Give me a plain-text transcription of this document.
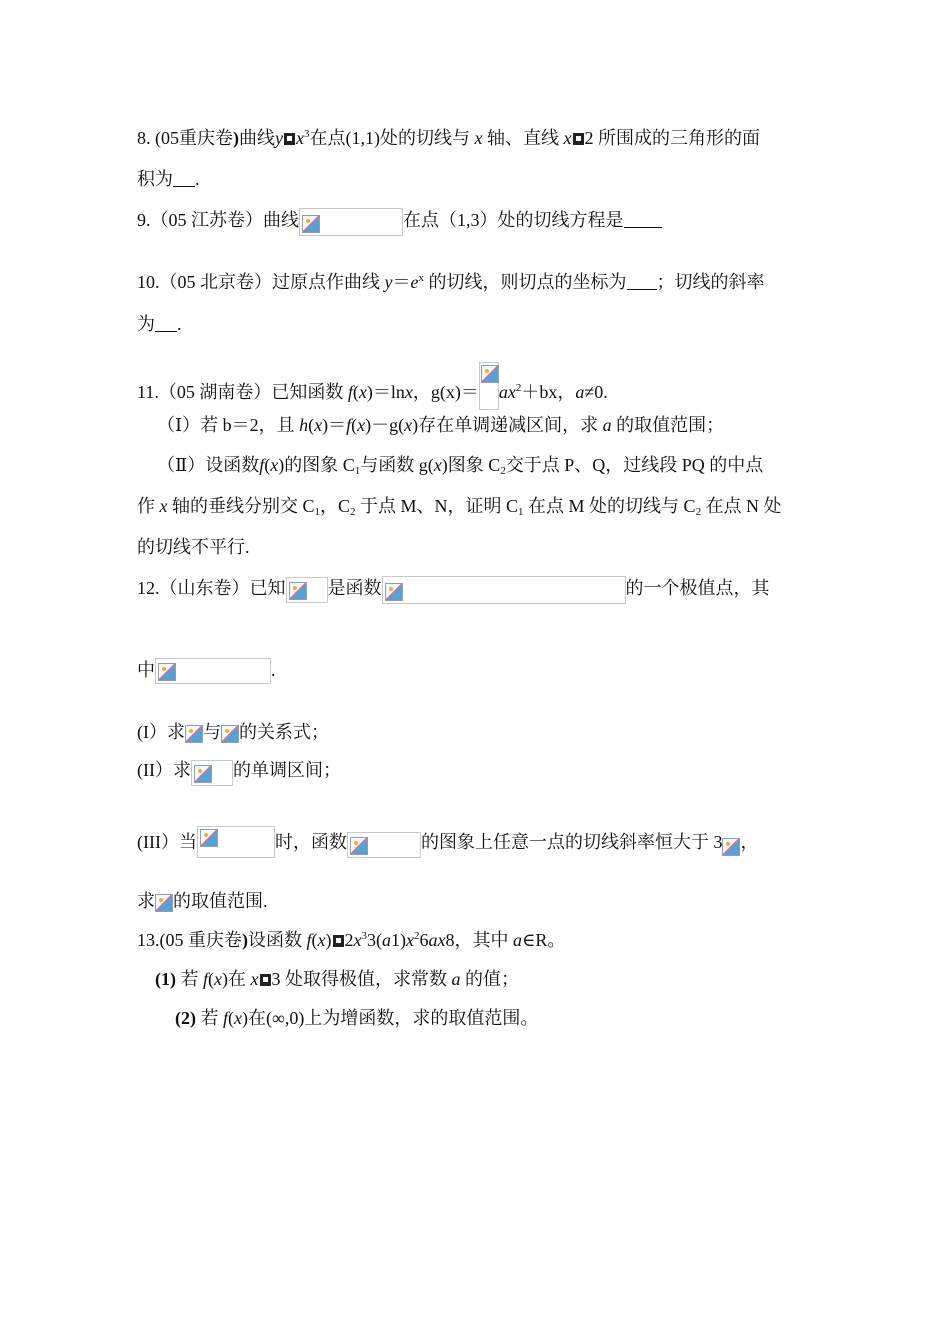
8. (05重庆卷)曲线y $x^3$在点(1,1)处的切线与 x 轴、直线 x 2 所围成的三角形的面
积为 .
9.（05 江苏卷）曲线	在点（1,3）处的切线方程是
10.（05 北京卷）过原点作曲线 $y=e^x$ 的切线，则切点的坐标为 ；切线的斜率
为 .
11.（05 湖南卷）已知函数 f(x)＝lnx，$g(x)= ax^2+bx$，a≠0.
（Ⅰ）若 b＝2，且 h(x)＝f(x)－g(x)存在单调递减区间，求 a 的取值范围；
（Ⅱ）设函数f(x)的图象 $C_1$与函数 g(x)图象 $C_2$交于点 P、Q，过线段 PQ 的中点
作 x 轴的垂线分别交 $C_1$，$C_2$ 于点 M、N，证明 $C_1$ 在点 M 处的切线与 $C_2$ 在点 N 处
的切线不平行.
12.（山东卷）已知 是函数	的一个极值点，其
中	.
(I）求 与 的关系式；
(II）求 的单调区间；
(III）当	时，函数	的图象上任意一点的切线斜率恒大于 3 ，
求 的取值范围.
13.(05 重庆卷)设函数 f(x) $2x^33(a1)x^26ax8$，其中 a∈R。
(1) 若 f(x)在 x 3 处取得极值，求常数 a 的值；
(2) 若 f(x)在(∞,0)上为增函数，求的取值范围。
